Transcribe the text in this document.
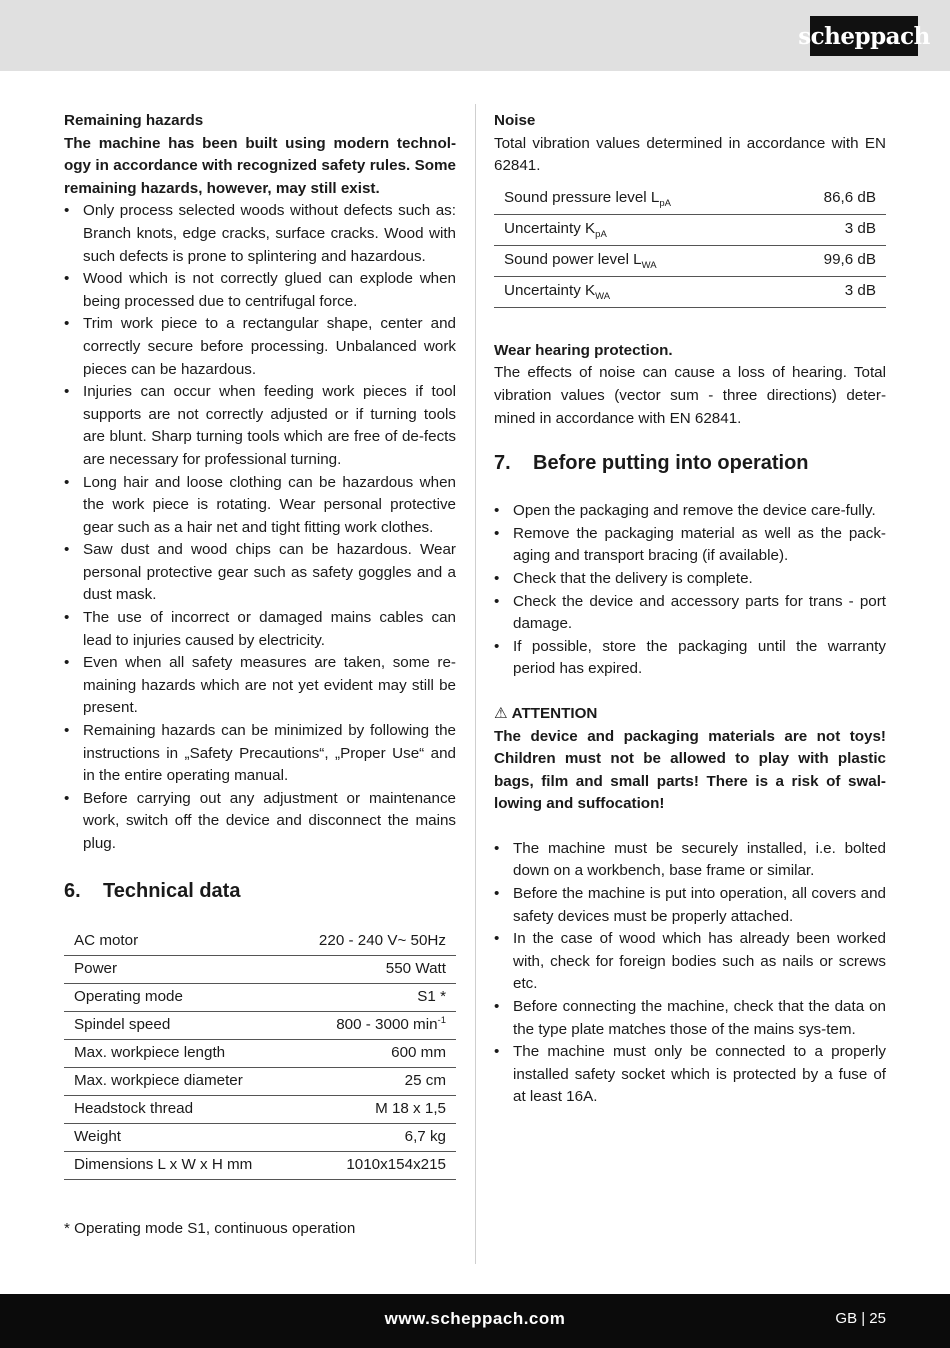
scheppach

Remaining hazards

The machine has been built using modern technol-ogy in accordance with recognized safety rules. Some remaining hazards, however, may still exist.

• Only process selected woods without defects such as: Branch knots, edge cracks, surface cracks. Wood with such defects is prone to splintering and hazardous.
• Wood which is not correctly glued can explode when being processed due to centrifugal force.
• Trim work piece to a rectangular shape, center and correctly secure before processing. Unbalanced work pieces can be hazardous.
• Injuries can occur when feeding work pieces if tool supports are not correctly adjusted or if turning tools are blunt. Sharp turning tools which are free of de-fects are necessary for professional turning.
• Long hair and loose clothing can be hazardous when the work piece is rotating. Wear personal protective gear such as a hair net and tight fitting work clothes.
• Saw dust and wood chips can be hazardous. Wear personal protective gear such as safety goggles and a dust mask.
• The use of incorrect or damaged mains cables can lead to injuries caused by electricity.
• Even when all safety measures are taken, some re-maining hazards which are not yet evident may still be present.
• Remaining hazards can be minimized by following the instructions in „Safety Precautions“, „Proper Use“ and in the entire operating manual.
• Before carrying out any adjustment or maintenance work, switch off the device and disconnect the mains plug.
6. Technical data
AC motor	220 - 240 V~ 50Hz
Power	550 Watt
Operating mode	S1 *
Spindel speed	800 - 3000 $\min^{-1}$
Max. workpiece length	600 mm
Max. workpiece diameter	25 cm
Headstock thread	M 18 x 1,5
Weight	6,7 kg
Dimensions L x W x H mm	1010x154x215

* Operating mode S1, continuous operation

Noise

Total vibration values determined in accordance with EN 62841.

Sound pressure level $L_{pA}$	86,6 dB
Uncertainty $K_{pA}$	3 dB
Sound power level $L_{WA}$	99,6 dB
Uncertainty $K_{WA}$	3 dB

Wear hearing protection.

The effects of noise can cause a loss of hearing. Total vibration values (vector sum - three directions) deter-mined in accordance with EN 62841.

7. Before putting into operation
• Open the packaging and remove the device care-fully.
• Remove the packaging material as well as the pack-aging and transport bracing (if available).
• Check that the delivery is complete.
• Check the device and accessory parts for trans - port damage.
• If possible, store the packaging until the warranty period has expired.

⚠ ATTENTION

The device and packaging materials are not toys! Children must not be allowed to play with plastic bags, film and small parts! There is a risk of swal-lowing and suffocation!

• The machine must be securely installed, i.e. bolted down on a workbench, base frame or similar.
• Before the machine is put into operation, all covers and safety devices must be properly attached.
• In the case of wood which has already been worked with, check for foreign bodies such as nails or screws etc.
• Before connecting the machine, check that the data on the type plate matches those of the mains sys-tem.
• The machine must only be connected to a properly installed safety socket which is protected by a fuse of at least 16A.
www.scheppach.com	GB | 25
